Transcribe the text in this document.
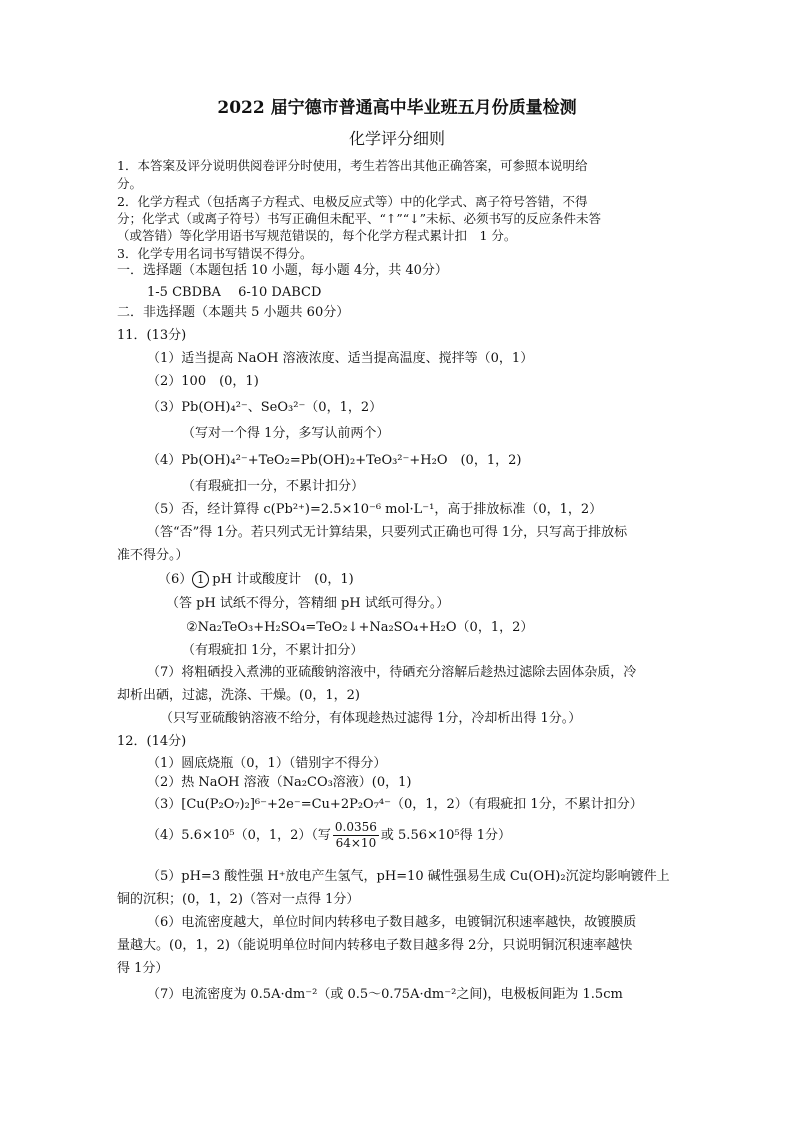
2022 届宁德市普通高中毕业班五月份质量检测
化学评分细则
1．本答案及评分说明供阅卷评分时使用，考生若答出其他正确答案，可参照本说明给
分。
2．化学方程式（包括离子方程式、电极反应式等）中的化学式、离子符号答错，不得
分；化学式（或离子符号）书写正确但未配平、“↑”“↓”未标、必须书写的反应条件未答
（或答错）等化学用语书写规范错误的，每个化学方程式累计扣　1 分。
3．化学专用名词书写错误不得分。
一．选择题（本题包括 10 小题，每小题 4分，共 40分）
1-5 CBDBA　 6-10 DABCD
二．非选择题（本题共 5 小题共 60分）
11．(13分)
（1）适当提高 NaOH 溶液浓度、适当提高温度、搅拌等（0，1）
（2）100　(0，1)
（3）Pb(OH)₄²⁻、SeO₃²⁻（0，1，2）
（写对一个得 1分，多写认前两个）
（4）Pb(OH)₄²⁻+TeO₂=Pb(OH)₂+TeO₃²⁻+H₂O　(0，1，2)
（有瑕疵扣一分，不累计扣分）
（5）否，经计算得 c(Pb²⁺)=2.5×10⁻⁶ mol·L⁻¹，高于排放标准（0，1，2）
（答“否”得 1分。若只列式无计算结果，只要列式正确也可得 1分，只写高于排放标
准不得分。）
（6） 1 pH 计或酸度计　(0，1)
（答 pH 试纸不得分，答精细 pH 试纸可得分。）
②Na₂TeO₃+H₂SO₄=TeO₂↓+Na₂SO₄+H₂O（0，1，2）
（有瑕疵扣 1分，不累计扣分）
（7）将粗硒投入煮沸的亚硫酸钠溶液中，待硒充分溶解后趁热过滤除去固体杂质，冷
却析出硒，过滤，洗涤、干燥。(0，1，2)
（只写亚硫酸钠溶液不给分，有体现趁热过滤得 1分，冷却析出得 1分。）
12．(14分)
（1）圆底烧瓶（0，1）（错别字不得分）
（2）热 NaOH 溶液（Na₂CO₃溶液）(0，1)
（3）[Cu(P₂O₇)₂]⁶⁻+2e⁻=Cu+2P₂O₇⁴⁻（0，1，2）（有瑕疵扣 1分，不累计扣分）
（4）5.6×10⁵（0，1，2）（写 $\frac{0.0356}{64\times 10}$ 或 5.56×10⁵得 1分）
（5）pH=3 酸性强 H⁺放电产生氢气，pH=10 碱性强易生成 Cu(OH)₂沉淀均影响镀件上
铜的沉积；(0，1，2)（答对一点得 1分）
（6）电流密度越大，单位时间内转移电子数目越多，电镀铜沉积速率越快，故镀膜质
量越大。(0，1，2)（能说明单位时间内转移电子数目越多得 2分，只说明铜沉积速率越快
得 1分）
（7）电流密度为 0.5A·dm⁻²（或 0.5～0.75A·dm⁻²之间)，电极板间距为 1.5cm
